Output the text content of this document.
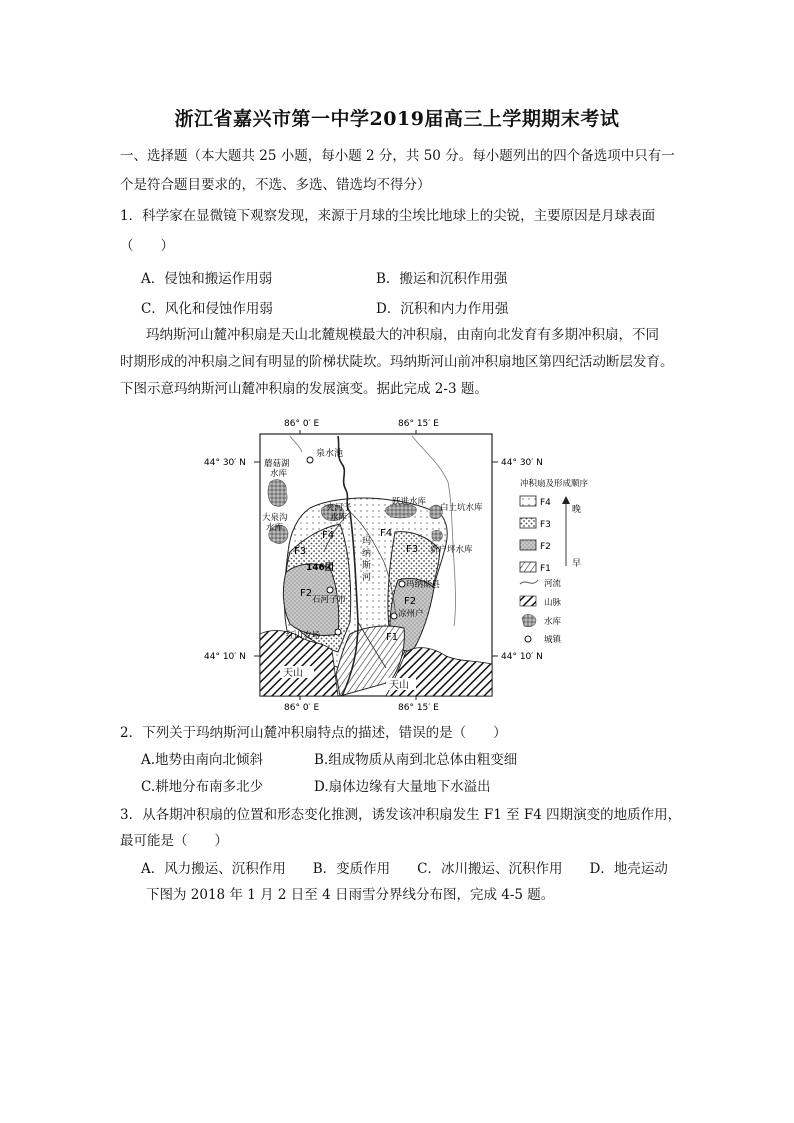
浙江省嘉兴市第一中学2019届高三上学期期末考试
一、选择题（本大题共 25 小题，每小题 2 分，共 50 分。每小题列出的四个备选项中只有一
个是符合题目要求的，不选、多选、错选均不得分）
1．科学家在显微镜下观察发现，来源于月球的尘埃比地球上的尖锐，主要原因是月球表面
（　　）
A．侵蚀和搬运作用弱	B．搬运和沉积作用强
C．风化和侵蚀作用弱	D．沉积和内力作用强
玛纳斯河山麓冲积扇是天山北麓规模最大的冲积扇，由南向北发育有多期冲积扇，不同
时期形成的冲积扇之间有明显的阶梯状陡坎。玛纳斯河山前冲积扇地区第四纪活动断层发育。
下图示意玛纳斯河山麓冲积扇的发展演变。据此完成 2-3 题。
86° 0′ E	86° 15′ E
86° 0′ E	86° 15′ E
44° 30′ N	44° 30′ N
44° 10′ N	44° 10′ N
天山
天山
泉水池
蘑菇湖
水库
大泉沟
水库
夹河子
水库
跃进水库
白土坑水库
新户坪水库
146团
石河子市
玛纳斯县
凉州户
红山农场
玛
纳
斯
河
F4	F4
F3	F3
F2
F2
F1
冲积扇及形成顺序
F4
F3
F2
F1
晚
早
河流
山脉
水库
城镇
2．下列关于玛纳斯河山麓冲积扇特点的描述，错误的是（　　）
A.地势由南向北倾斜	B.组成物质从南到北总体由粗变细
C.耕地分布南多北少	D.扇体边缘有大量地下水溢出
3．从各期冲积扇的位置和形态变化推测，诱发该冲积扇发生 F1 至 F4 四期演变的地质作用，
最可能是（　　）
A．风力搬运、沉积作用　　B．变质作用　　C．冰川搬运、沉积作用　　D．地壳运动
下图为 2018 年 1 月 2 日至 4 日雨雪分界线分布图，完成 4-5 题。
